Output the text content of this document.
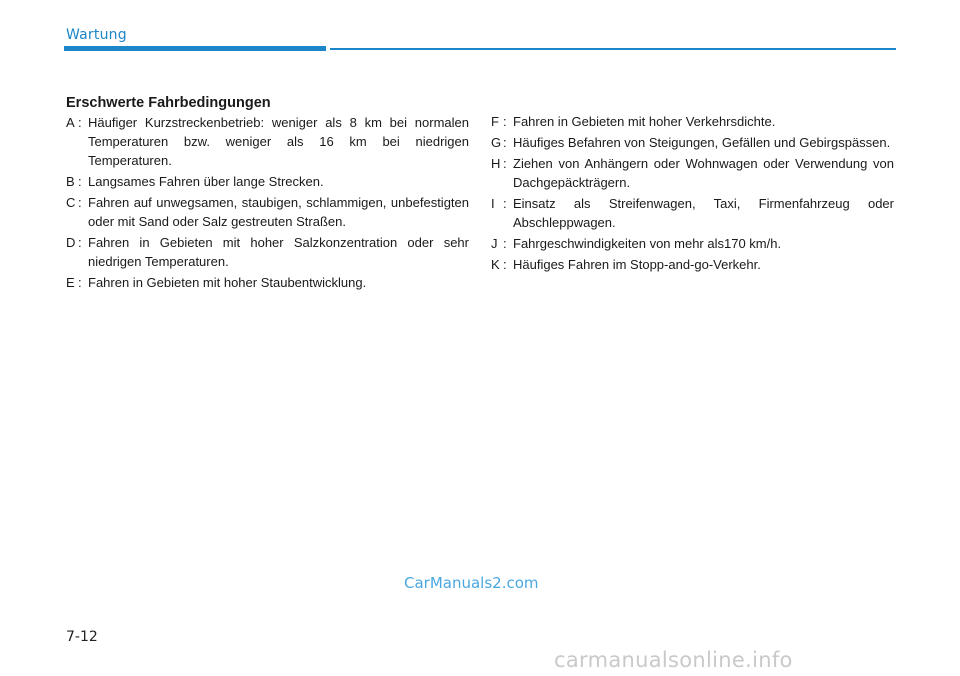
Wartung
Erschwerte Fahrbedingungen
A : Häufiger Kurzstreckenbetrieb: weniger als 8 km bei normalen Temperaturen bzw. weniger als 16 km bei niedrigen Temperaturen.
B : Langsames Fahren über lange Strecken.
C : Fahren auf unwegsamen, staubigen, schlammigen, unbefestigten oder mit Sand oder Salz gestreuten Straßen.
D : Fahren in Gebieten mit hoher Salzkonzentration oder sehr niedrigen Temperaturen.
E : Fahren in Gebieten mit hoher Staubentwicklung.
F : Fahren in Gebieten mit hoher Verkehrsdichte.
G : Häufiges Befahren von Steigungen, Gefällen und Gebirgspässen.
H : Ziehen von Anhängern oder Wohnwagen oder Verwendung von Dachgepäckträgern.
I : Einsatz als Streifenwagen, Taxi, Firmenfahrzeug oder Abschleppwagen.
J : Fahrgeschwindigkeiten von mehr als170 km/h.
K : Häufiges Fahren im Stopp-and-go-Verkehr.
CarManuals2.com
7-12
carmanualsonline.info
